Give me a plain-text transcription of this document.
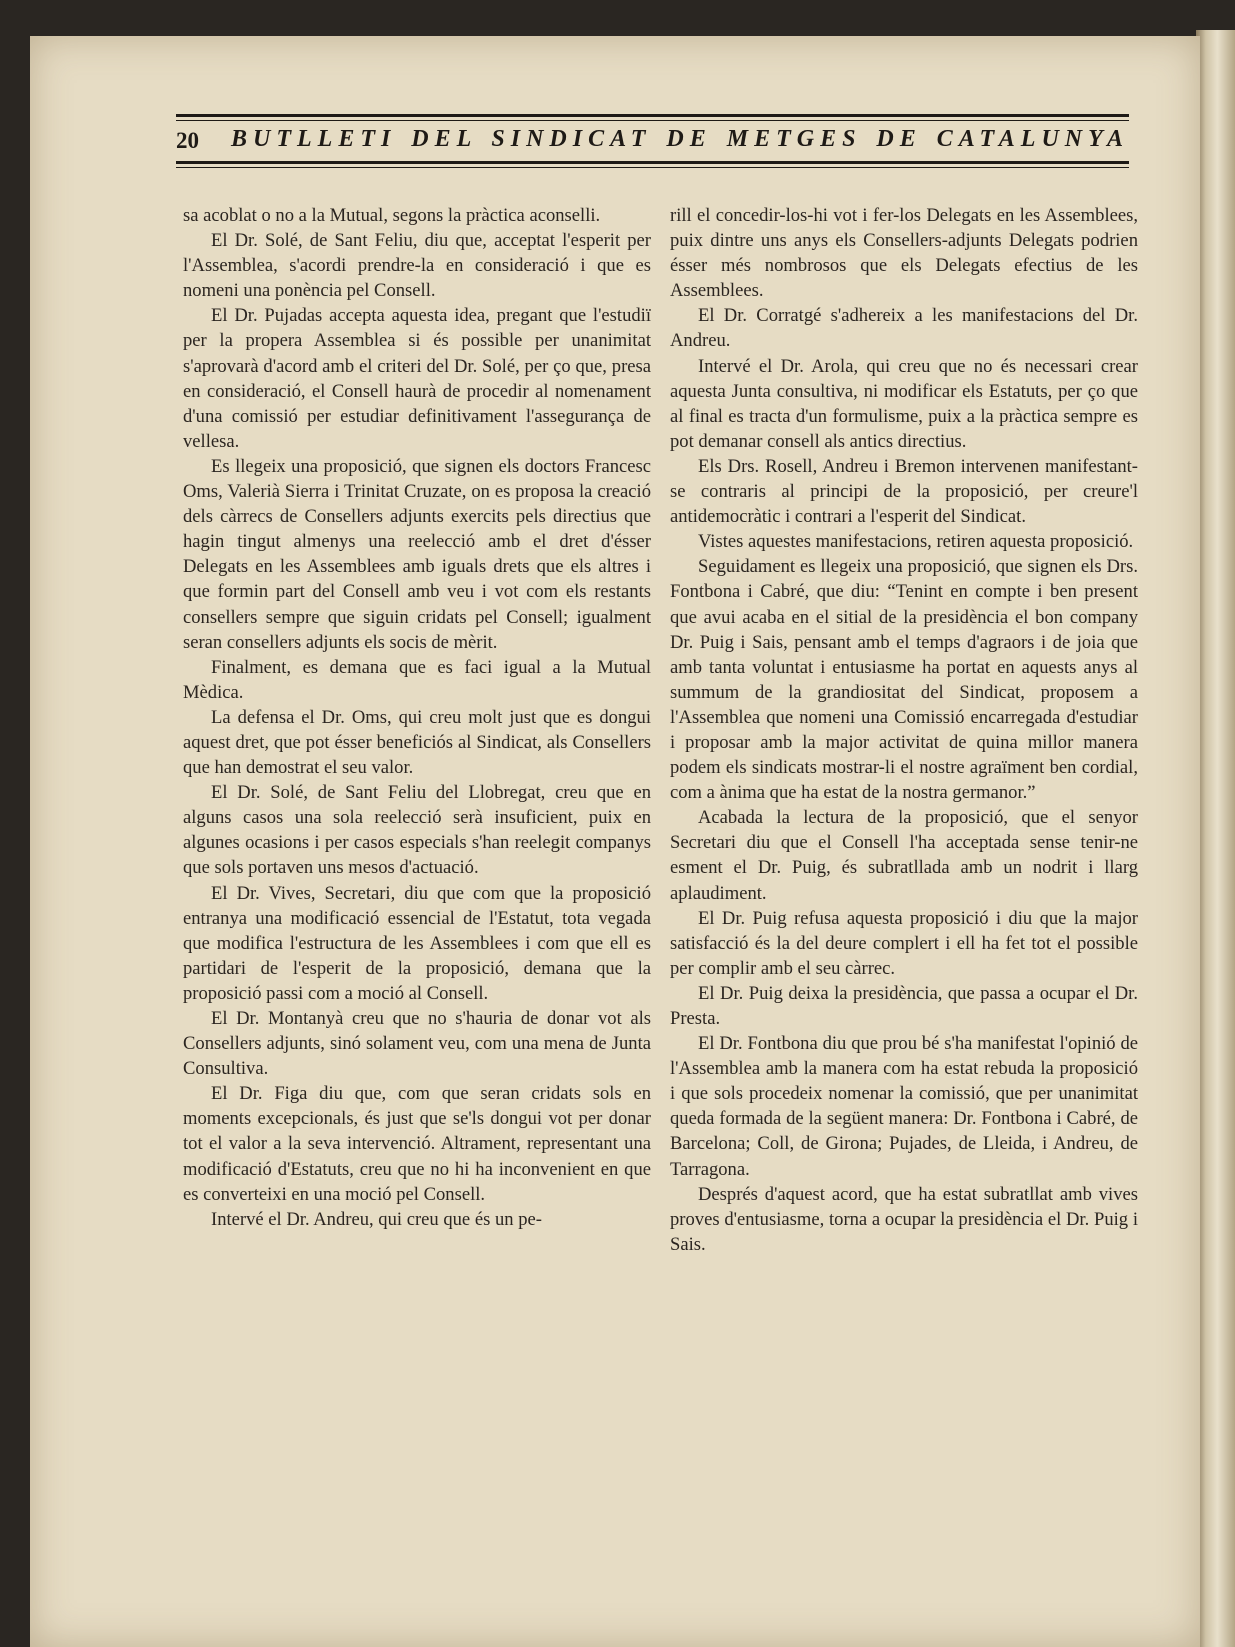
20 BUTLLETI DEL SINDICAT DE METGES DE CATALUNYA

sa acoblat o no a la Mutual, segons la pràctica aconselli.

El Dr. Solé, de Sant Feliu, diu que, acceptat l'esperit per l'Assemblea, s'acordi prendre-la en consideració i que es nomeni una ponència pel Consell.

El Dr. Pujadas accepta aquesta idea, pregant que l'estudiï per la propera Assemblea si és possible per unanimitat s'aprovarà d'acord amb el criteri del Dr. Solé, per ço que, presa en consideració, el Consell haurà de procedir al nomenament d'una comissió per estudiar definitivament l'assegurança de vellesa.

Es llegeix una proposició, que signen els doctors Francesc Oms, Valerià Sierra i Trinitat Cruzate, on es proposa la creació dels càrrecs de Consellers adjunts exercits pels directius que hagin tingut almenys una reelecció amb el dret d'ésser Delegats en les Assemblees amb iguals drets que els altres i que formin part del Consell amb veu i vot com els restants consellers sempre que siguin cridats pel Consell; igualment seran consellers adjunts els socis de mèrit.

Finalment, es demana que es faci igual a la Mutual Mèdica.

La defensa el Dr. Oms, qui creu molt just que es dongui aquest dret, que pot ésser beneficiós al Sindicat, als Consellers que han demostrat el seu valor.

El Dr. Solé, de Sant Feliu del Llobregat, creu que en alguns casos una sola reelecció serà insuficient, puix en algunes ocasions i per casos especials s'han reelegit companys que sols portaven uns mesos d'actuació.

El Dr. Vives, Secretari, diu que com que la proposició entranya una modificació essencial de l'Estatut, tota vegada que modifica l'estructura de les Assemblees i com que ell es partidari de l'esperit de la proposició, demana que la proposició passi com a moció al Consell.

El Dr. Montanyà creu que no s'hauria de donar vot als Consellers adjunts, sinó solament veu, com una mena de Junta Consultiva.

El Dr. Figa diu que, com que seran cridats sols en moments excepcionals, és just que se'ls dongui vot per donar tot el valor a la seva intervenció. Altrament, representant una modificació d'Estatuts, creu que no hi ha inconvenient en que es converteixi en una moció pel Consell.

Intervé el Dr. Andreu, qui creu que és un pe-

rill el concedir-los-hi vot i fer-los Delegats en les Assemblees, puix dintre uns anys els Consellers-adjunts Delegats podrien ésser més nombrosos que els Delegats efectius de les Assemblees.

El Dr. Corratgé s'adhereix a les manifestacions del Dr. Andreu.

Intervé el Dr. Arola, qui creu que no és necessari crear aquesta Junta consultiva, ni modificar els Estatuts, per ço que al final es tracta d'un formulisme, puix a la pràctica sempre es pot demanar consell als antics directius.

Els Drs. Rosell, Andreu i Bremon intervenen manifestant-se contraris al principi de la proposició, per creure'l antidemocràtic i contrari a l'esperit del Sindicat.

Vistes aquestes manifestacions, retiren aquesta proposició.

Seguidament es llegeix una proposició, que signen els Drs. Fontbona i Cabré, que diu: “Tenint en compte i ben present que avui acaba en el sitial de la presidència el bon company Dr. Puig i Sais, pensant amb el temps d'agraors i de joia que amb tanta voluntat i entusiasme ha portat en aquests anys al summum de la grandiositat del Sindicat, proposem a l'Assemblea que nomeni una Comissió encarregada d'estudiar i proposar amb la major activitat de quina millor manera podem els sindicats mostrar-li el nostre agraïment ben cordial, com a ànima que ha estat de la nostra germanor.”

Acabada la lectura de la proposició, que el senyor Secretari diu que el Consell l'ha acceptada sense tenir-ne esment el Dr. Puig, és subratllada amb un nodrit i llarg aplaudiment.

El Dr. Puig refusa aquesta proposició i diu que la major satisfacció és la del deure complert i ell ha fet tot el possible per complir amb el seu càrrec.

El Dr. Puig deixa la presidència, que passa a ocupar el Dr. Presta.

El Dr. Fontbona diu que prou bé s'ha manifestat l'opinió de l'Assemblea amb la manera com ha estat rebuda la proposició i que sols procedeix nomenar la comissió, que per unanimitat queda formada de la següent manera: Dr. Fontbona i Cabré, de Barcelona; Coll, de Girona; Pujades, de Lleida, i Andreu, de Tarragona.

Després d'aquest acord, que ha estat subratllat amb vives proves d'entusiasme, torna a ocupar la presidència el Dr. Puig i Sais.
